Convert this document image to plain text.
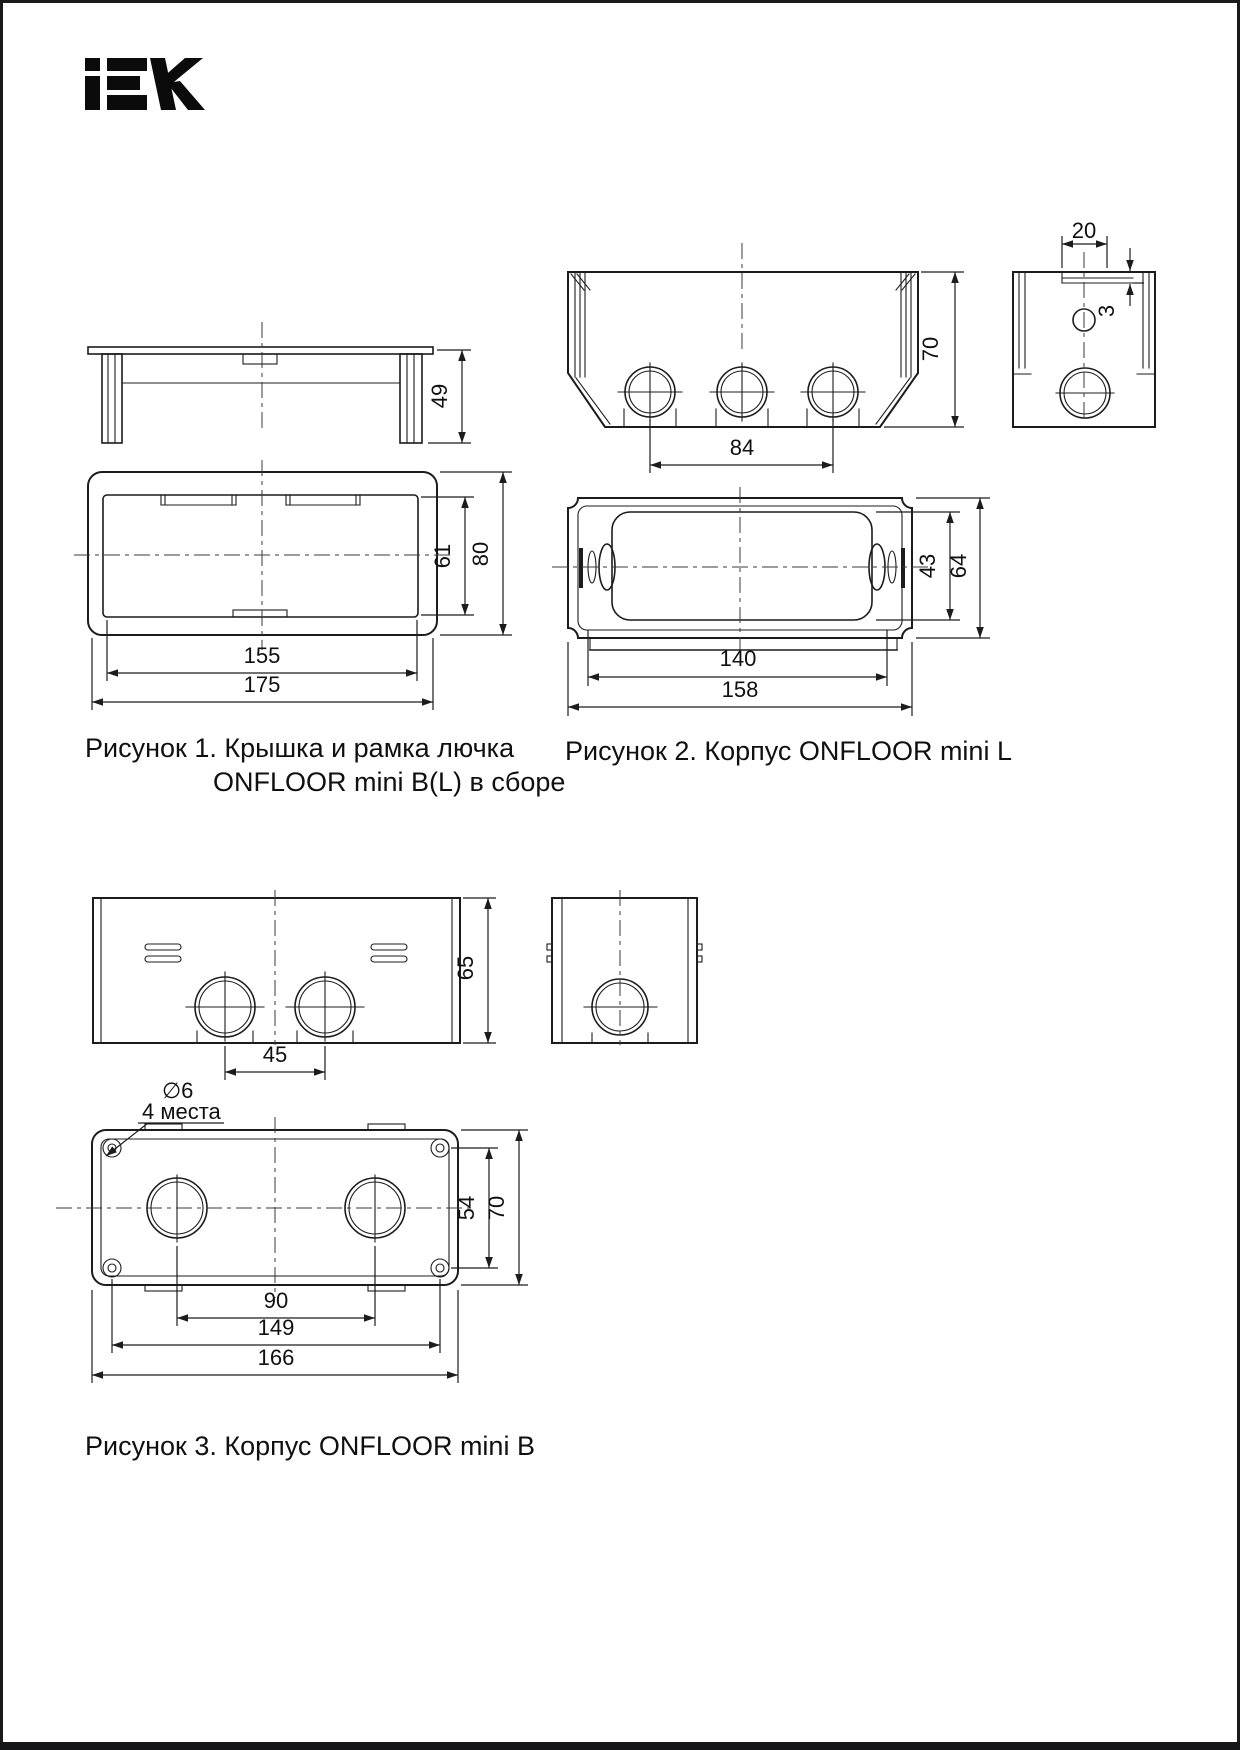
49
61 80
155
175
Рисунок 1. Крышка и рамка лючка
ONFLOOR mini B(L) в сборе
70
84
20
3
43 64
140
158
Рисунок 2. Корпус ONFLOOR mini L
65
45
∅6
4 места
54 70
90
149
166
Рисунок 3. Корпус ONFLOOR mini B
